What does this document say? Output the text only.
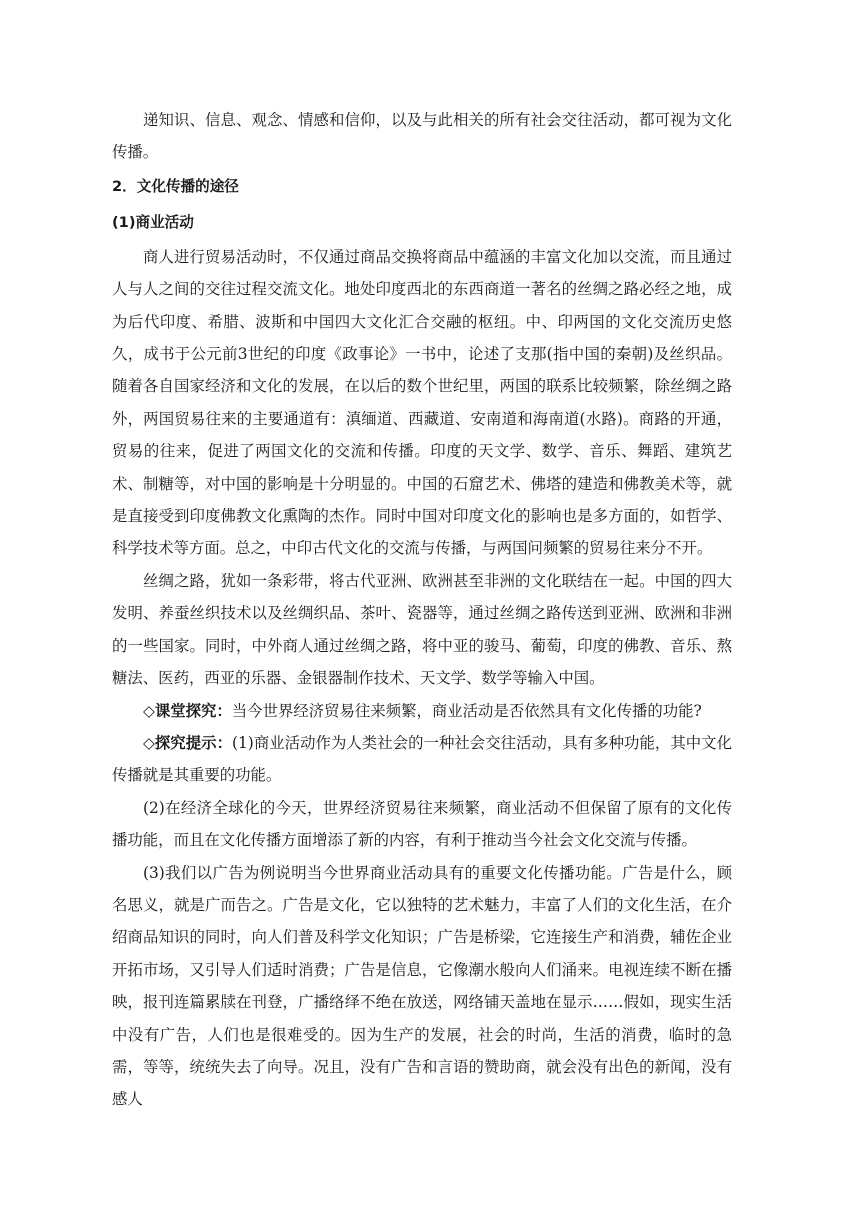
递知识、信息、观念、情感和信仰，以及与此相关的所有社会交往活动，都可视为文化传播。

2．文化传播的途径

(1)商业活动

商人进行贸易活动时，不仅通过商品交换将商品中蕴涵的丰富文化加以交流，而且通过人与人之间的交往过程交流文化。地处印度西北的东西商道一著名的丝绸之路必经之地，成为后代印度、希腊、波斯和中国四大文化汇合交融的枢纽。中、印两国的文化交流历史悠久，成书于公元前3世纪的印度《政事论》一书中，论述了支那(指中国的秦朝)及丝织品。随着各自国家经济和文化的发展，在以后的数个世纪里，两国的联系比较频繁，除丝绸之路外，两国贸易往来的主要通道有：滇缅道、西藏道、安南道和海南道(水路)。商路的开通，贸易的往来，促进了两国文化的交流和传播。印度的天文学、数学、音乐、舞蹈、建筑艺术、制糖等，对中国的影响是十分明显的。中国的石窟艺术、佛塔的建造和佛教美术等，就是直接受到印度佛教文化熏陶的杰作。同时中国对印度文化的影响也是多方面的，如哲学、科学技术等方面。总之，中印古代文化的交流与传播，与两国问频繁的贸易往来分不开。

丝绸之路，犹如一条彩带，将古代亚洲、欧洲甚至非洲的文化联结在一起。中国的四大发明、养蚕丝织技术以及丝绸织品、茶叶、瓷器等，通过丝绸之路传送到亚洲、欧洲和非洲的一些国家。同时，中外商人通过丝绸之路，将中亚的骏马、葡萄，印度的佛教、音乐、熬糖法、医药，西亚的乐器、金银器制作技术、天文学、数学等输入中国。

◇课堂探究：当今世界经济贸易往来频繁，商业活动是否依然具有文化传播的功能?

◇探究提示：(1)商业活动作为人类社会的一种社会交往活动，具有多种功能，其中文化传播就是其重要的功能。

(2)在经济全球化的今天，世界经济贸易往来频繁，商业活动不但保留了原有的文化传播功能，而且在文化传播方面增添了新的内容，有利于推动当今社会文化交流与传播。

(3)我们以广告为例说明当今世界商业活动具有的重要文化传播功能。广告是什么，顾名思义，就是广而告之。广告是文化，它以独特的艺术魅力，丰富了人们的文化生活，在介绍商品知识的同时，向人们普及科学文化知识；广告是桥梁，它连接生产和消费，辅佐企业开拓市场，又引导人们适时消费；广告是信息，它像潮水般向人们涌来。电视连续不断在播映，报刊连篇累牍在刊登，广播络绎不绝在放送，网络铺天盖地在显示……假如，现实生活中没有广告，人们也是很难受的。因为生产的发展，社会的时尚，生活的消费，临时的急需，等等，统统失去了向导。况且，没有广告和言语的赞助商，就会没有出色的新闻，没有感人
